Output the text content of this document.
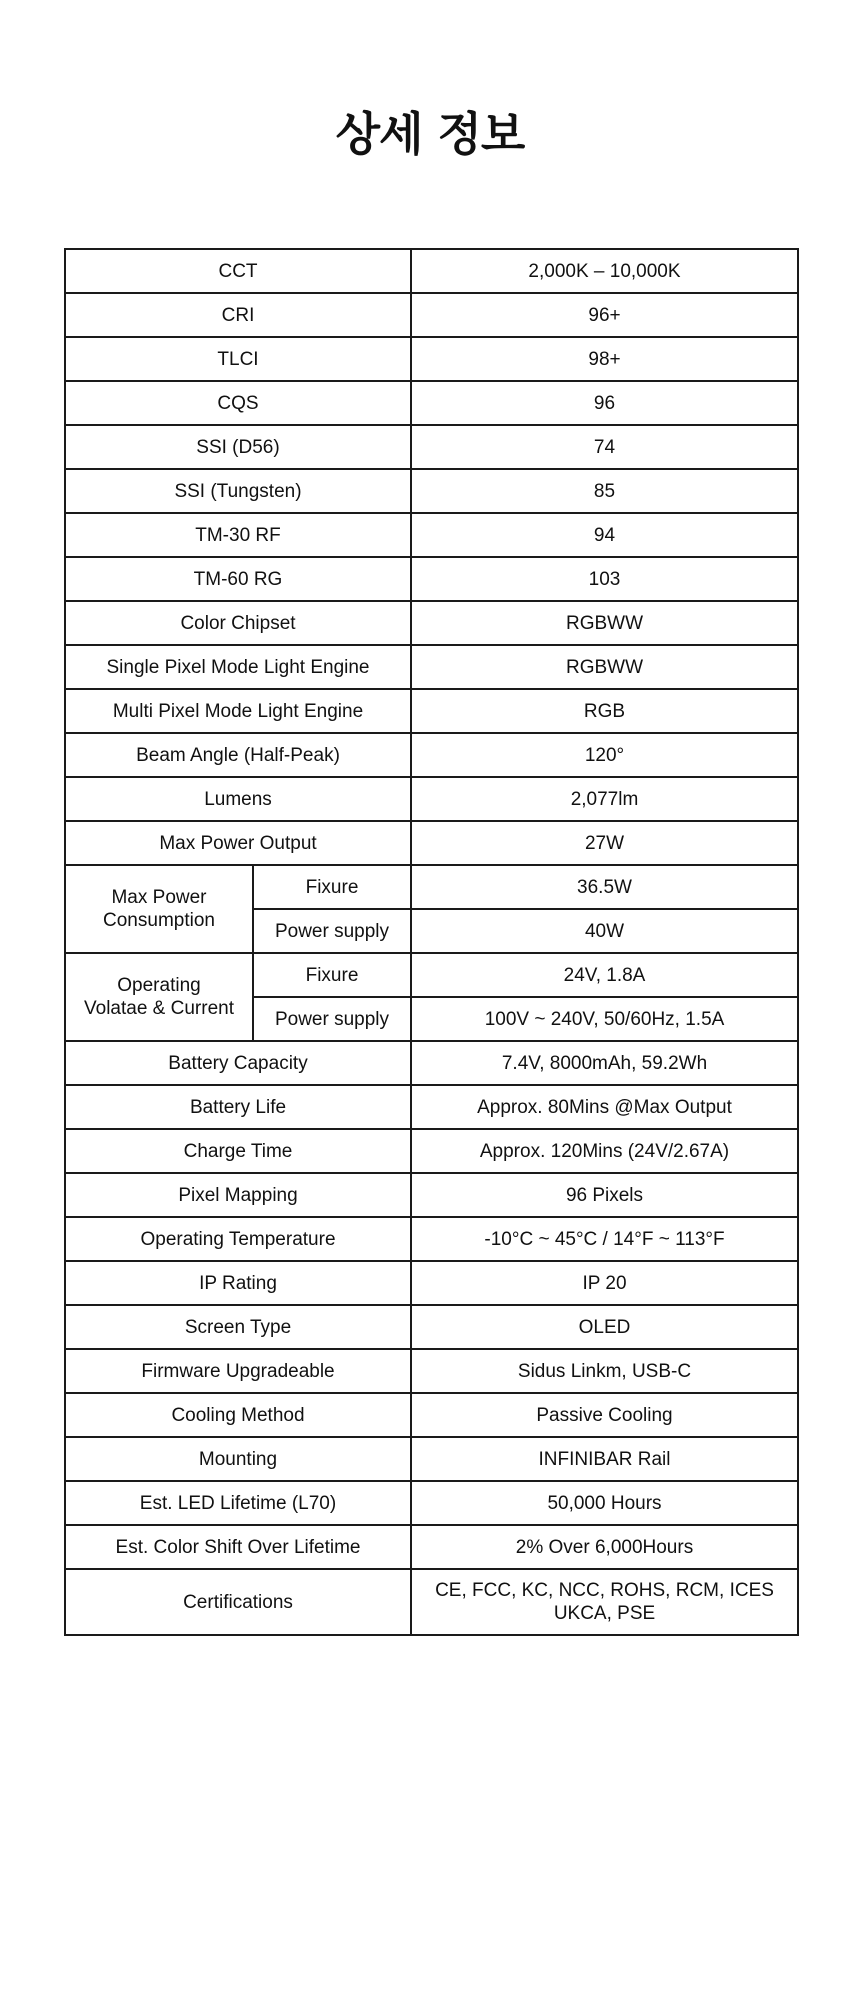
상세 정보
CCT		2,000K – 10,000K
CRI		96+
TLCI		98+
CQS		96
SSI (D56)		74
SSI (Tungsten)		85
TM-30 RF		94
TM-60 RG		103
Color Chipset		RGBWW
Single Pixel Mode Light Engine		RGBWW
Multi Pixel Mode Light Engine		RGB
Beam Angle (Half-Peak)		120°
Lumens		2,077lm
Max Power Output		27W
Max Power
Consumption	Fixure	36.5W
	Power supply	40W
Operating
Volatae & Current	Fixure	24V, 1.8A
	Power supply	100V ~ 240V, 50/60Hz, 1.5A
Battery Capacity		7.4V, 8000mAh, 59.2Wh
Battery Life		Approx. 80Mins @Max Output
Charge Time		Approx. 120Mins (24V/2.67A)
Pixel Mapping		96 Pixels
Operating Temperature		-10°C ~ 45°C / 14°F ~ 113°F
IP Rating		IP 20
Screen Type		OLED
Firmware Upgradeable		Sidus Linkm, USB-C
Cooling Method		Passive Cooling
Mounting		INFINIBAR Rail
Est. LED Lifetime (L70)		50,000 Hours
Est. Color Shift Over Lifetime		2% Over 6,000Hours
Certifications		CE, FCC, KC, NCC, ROHS, RCM, ICES
UKCA, PSE
